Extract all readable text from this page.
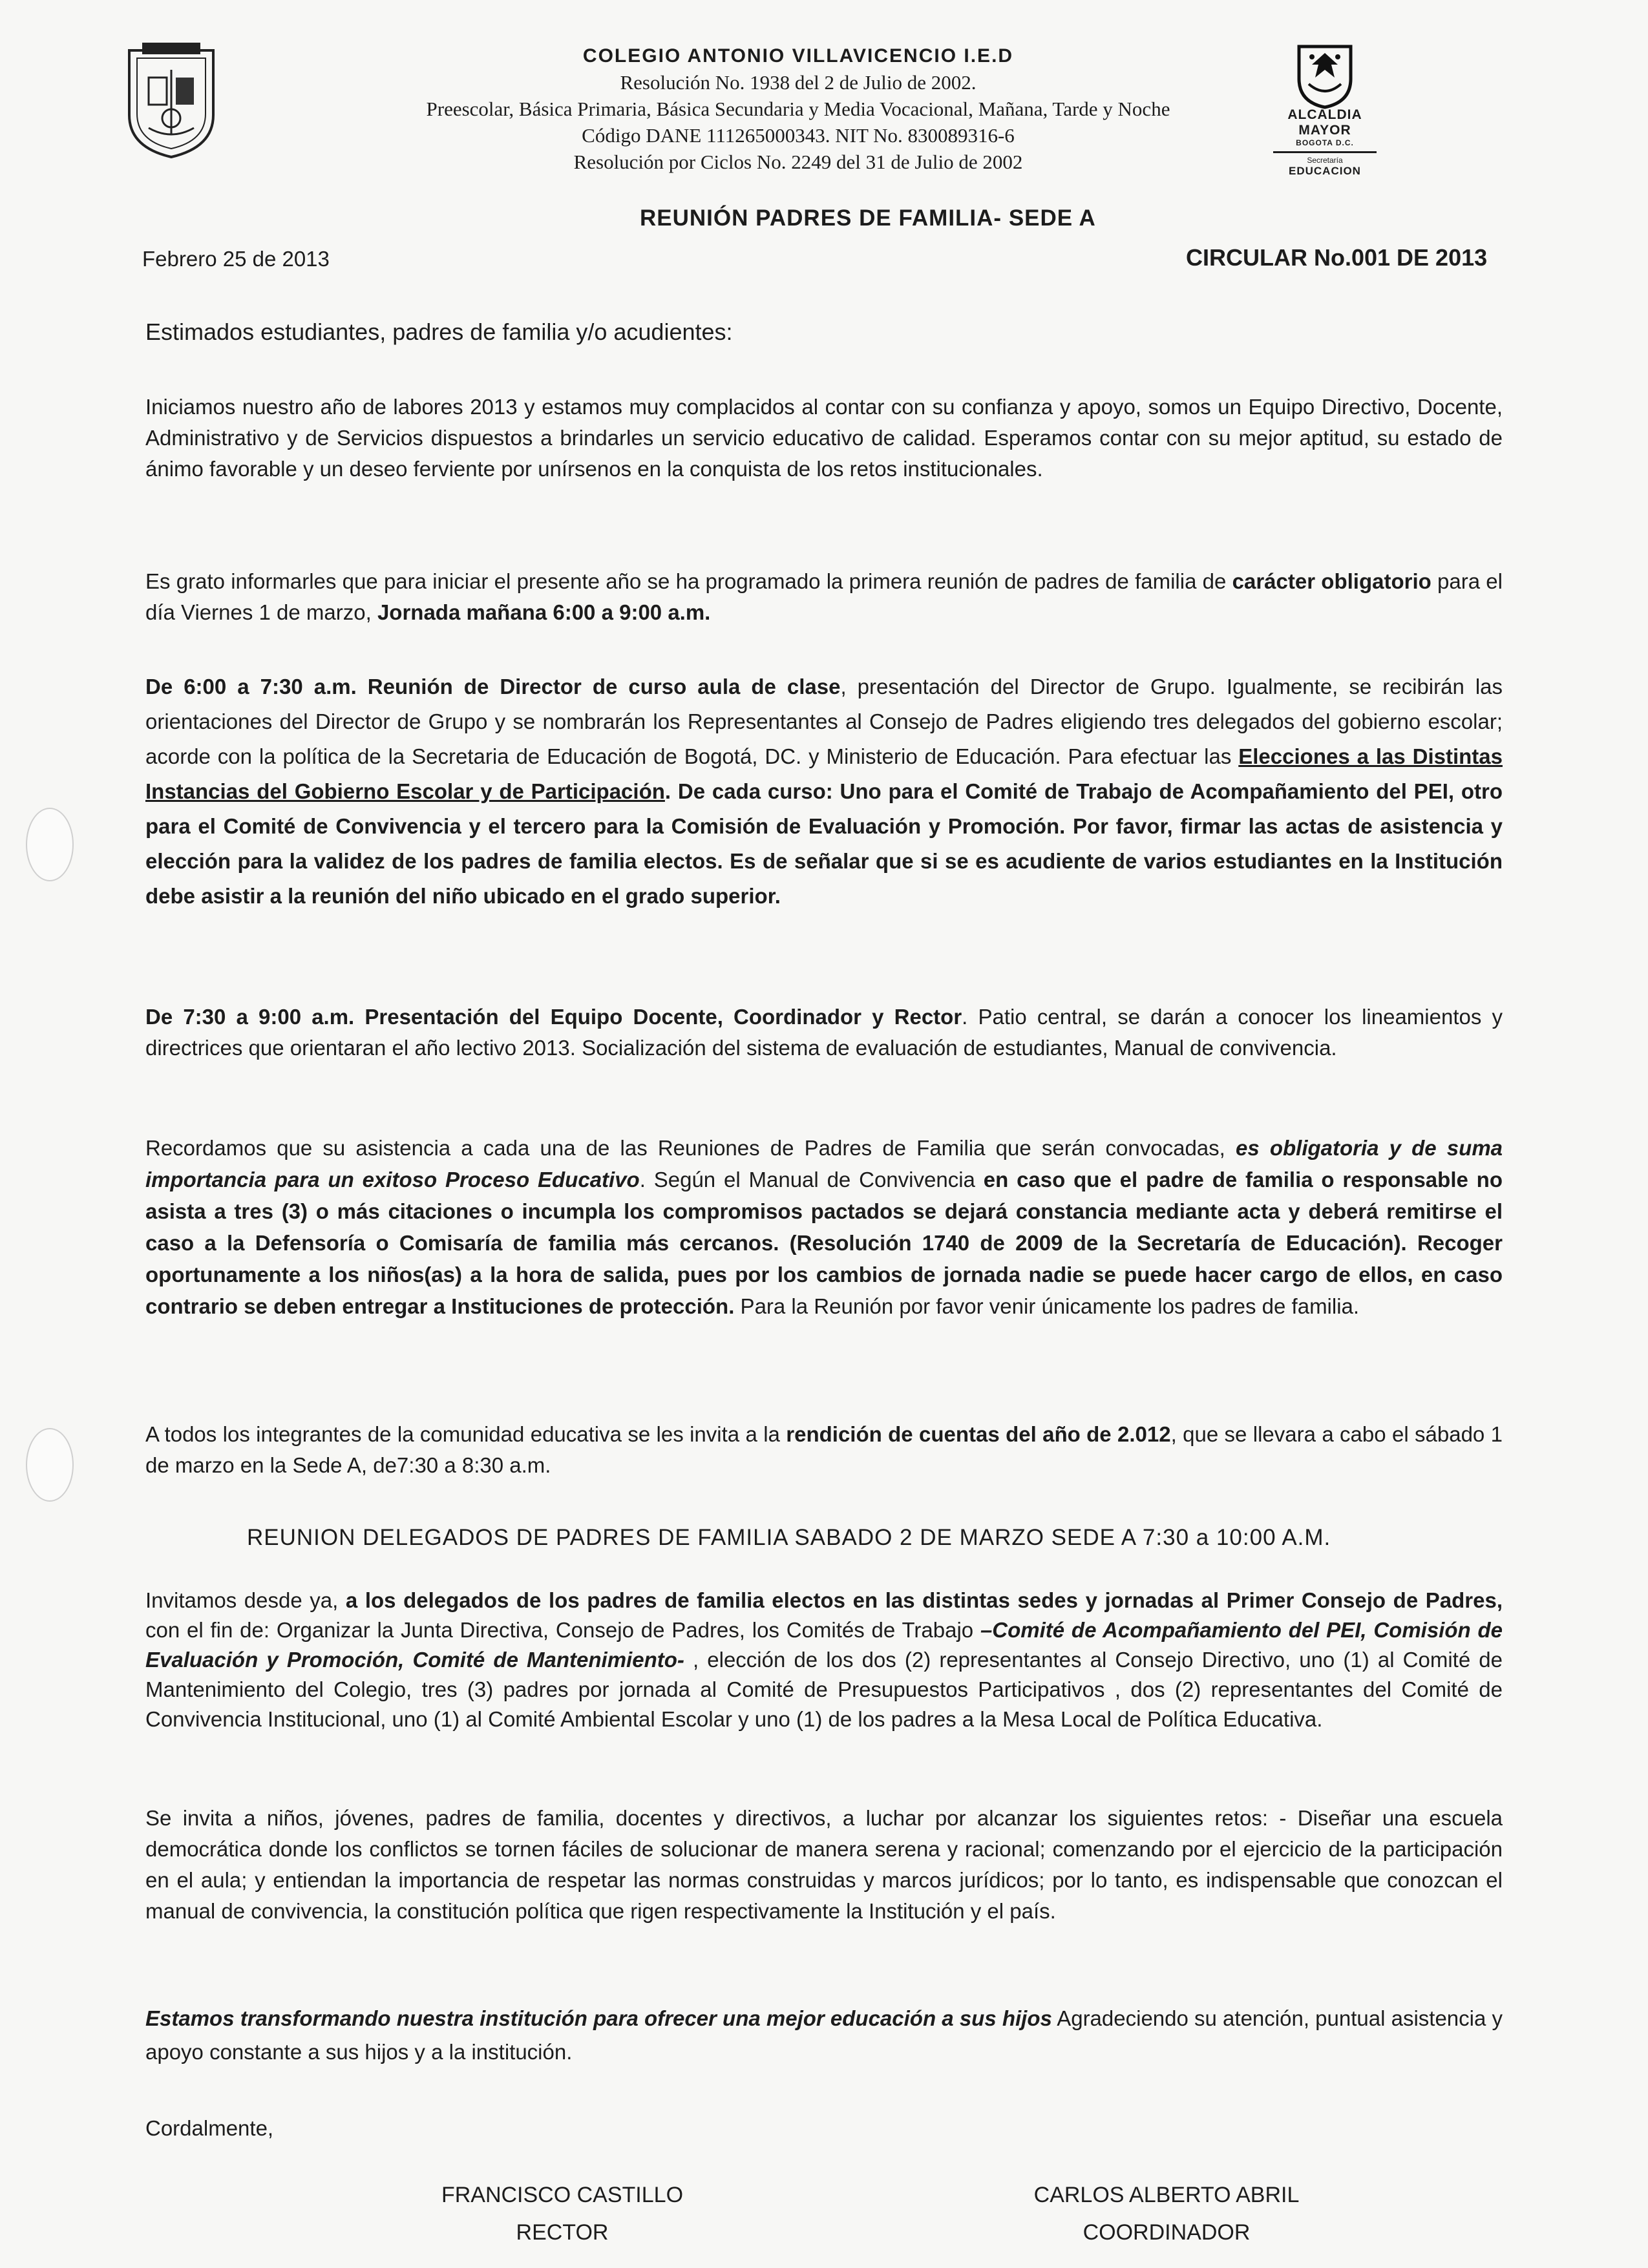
ALCALDIA MAYOR
BOGOTA D.C.
Secretaría
EDUCACION
COLEGIO ANTONIO VILLAVICENCIO I.E.D
Resolución No. 1938 del 2 de Julio de 2002.
Preescolar, Básica Primaria, Básica Secundaria y Media Vocacional, Mañana, Tarde y Noche
Código DANE 111265000343. NIT No. 830089316-6
Resolución por Ciclos No. 2249 del 31 de Julio de 2002
REUNIÓN PADRES DE FAMILIA- SEDE A
Febrero 25 de 2013	CIRCULAR No.001 DE 2013
Estimados estudiantes, padres de familia y/o acudientes:
Iniciamos nuestro año de labores 2013 y estamos muy complacidos al contar con su confianza y apoyo, somos un Equipo Directivo, Docente, Administrativo y de Servicios dispuestos a brindarles un servicio educativo de calidad. Esperamos contar con su mejor aptitud, su estado de ánimo favorable y un deseo ferviente por unírsenos en la conquista de los retos institucionales.
Es grato informarles que para iniciar el presente año se ha programado la primera reunión de padres de familia de carácter obligatorio para el día Viernes 1 de marzo, Jornada mañana 6:00 a 9:00 a.m.
De 6:00 a 7:30 a.m. Reunión de Director de curso aula de clase, presentación del Director de Grupo. Igualmente, se recibirán las orientaciones del Director de Grupo y se nombrarán los Representantes al Consejo de Padres eligiendo tres delegados del gobierno escolar; acorde con la política de la Secretaria de Educación de Bogotá, DC. y Ministerio de Educación. Para efectuar las Elecciones a las Distintas Instancias del Gobierno Escolar y de Participación. De cada curso: Uno para el Comité de Trabajo de Acompañamiento del PEI, otro para el Comité de Convivencia y el tercero para la Comisión de Evaluación y Promoción. Por favor, firmar las actas de asistencia y elección para la validez de los padres de familia electos. Es de señalar que si se es acudiente de varios estudiantes en la Institución debe asistir a la reunión del niño ubicado en el grado superior.
De 7:30 a 9:00 a.m. Presentación del Equipo Docente, Coordinador y Rector. Patio central, se darán a conocer los lineamientos y directrices que orientaran el año lectivo 2013. Socialización del sistema de evaluación de estudiantes, Manual de convivencia.
Recordamos que su asistencia a cada una de las Reuniones de Padres de Familia que serán convocadas, es obligatoria y de suma importancia para un exitoso Proceso Educativo. Según el Manual de Convivencia en caso que el padre de familia o responsable no asista a tres (3) o más citaciones o incumpla los compromisos pactados se dejará constancia mediante acta y deberá remitirse el caso a la Defensoría o Comisaría de familia más cercanos. (Resolución 1740 de 2009 de la Secretaría de Educación). Recoger oportunamente a los niños(as) a la hora de salida, pues por los cambios de jornada nadie se puede hacer cargo de ellos, en caso contrario se deben entregar a Instituciones de protección. Para la Reunión por favor venir únicamente los padres de familia.
A todos los integrantes de la comunidad educativa se les invita a la rendición de cuentas del año de 2.012, que se llevara a cabo el sábado 1 de marzo en la Sede A, de7:30 a 8:30 a.m.
REUNION DELEGADOS DE PADRES DE FAMILIA SABADO 2 DE MARZO SEDE A 7:30 a 10:00 A.M.
Invitamos desde ya, a los delegados de los padres de familia electos en las distintas sedes y jornadas al Primer Consejo de Padres, con el fin de: Organizar la Junta Directiva, Consejo de Padres, los Comités de Trabajo –Comité de Acompañamiento del PEI, Comisión de Evaluación y Promoción, Comité de Mantenimiento- , elección de los dos (2) representantes al Consejo Directivo, uno (1) al Comité de Mantenimiento del Colegio, tres (3) padres por jornada al Comité de Presupuestos Participativos , dos (2) representantes del Comité de Convivencia Institucional, uno (1) al Comité Ambiental Escolar y uno (1) de los padres a la Mesa Local de Política Educativa.
Se invita a niños, jóvenes, padres de familia, docentes y directivos, a luchar por alcanzar los siguientes retos: - Diseñar una escuela democrática donde los conflictos se tornen fáciles de solucionar de manera serena y racional; comenzando por el ejercicio de la participación en el aula; y entiendan la importancia de respetar las normas construidas y marcos jurídicos; por lo tanto, es indispensable que conozcan el manual de convivencia, la constitución política que rigen respectivamente la Institución y el país.
Estamos transformando nuestra institución para ofrecer una mejor educación a sus hijos Agradeciendo su atención, puntual asistencia y apoyo constante a sus hijos y a la institución.
Cordalmente,
FRANCISCO CASTILLO
RECTOR
CARLOS ALBERTO ABRIL
COORDINADOR
